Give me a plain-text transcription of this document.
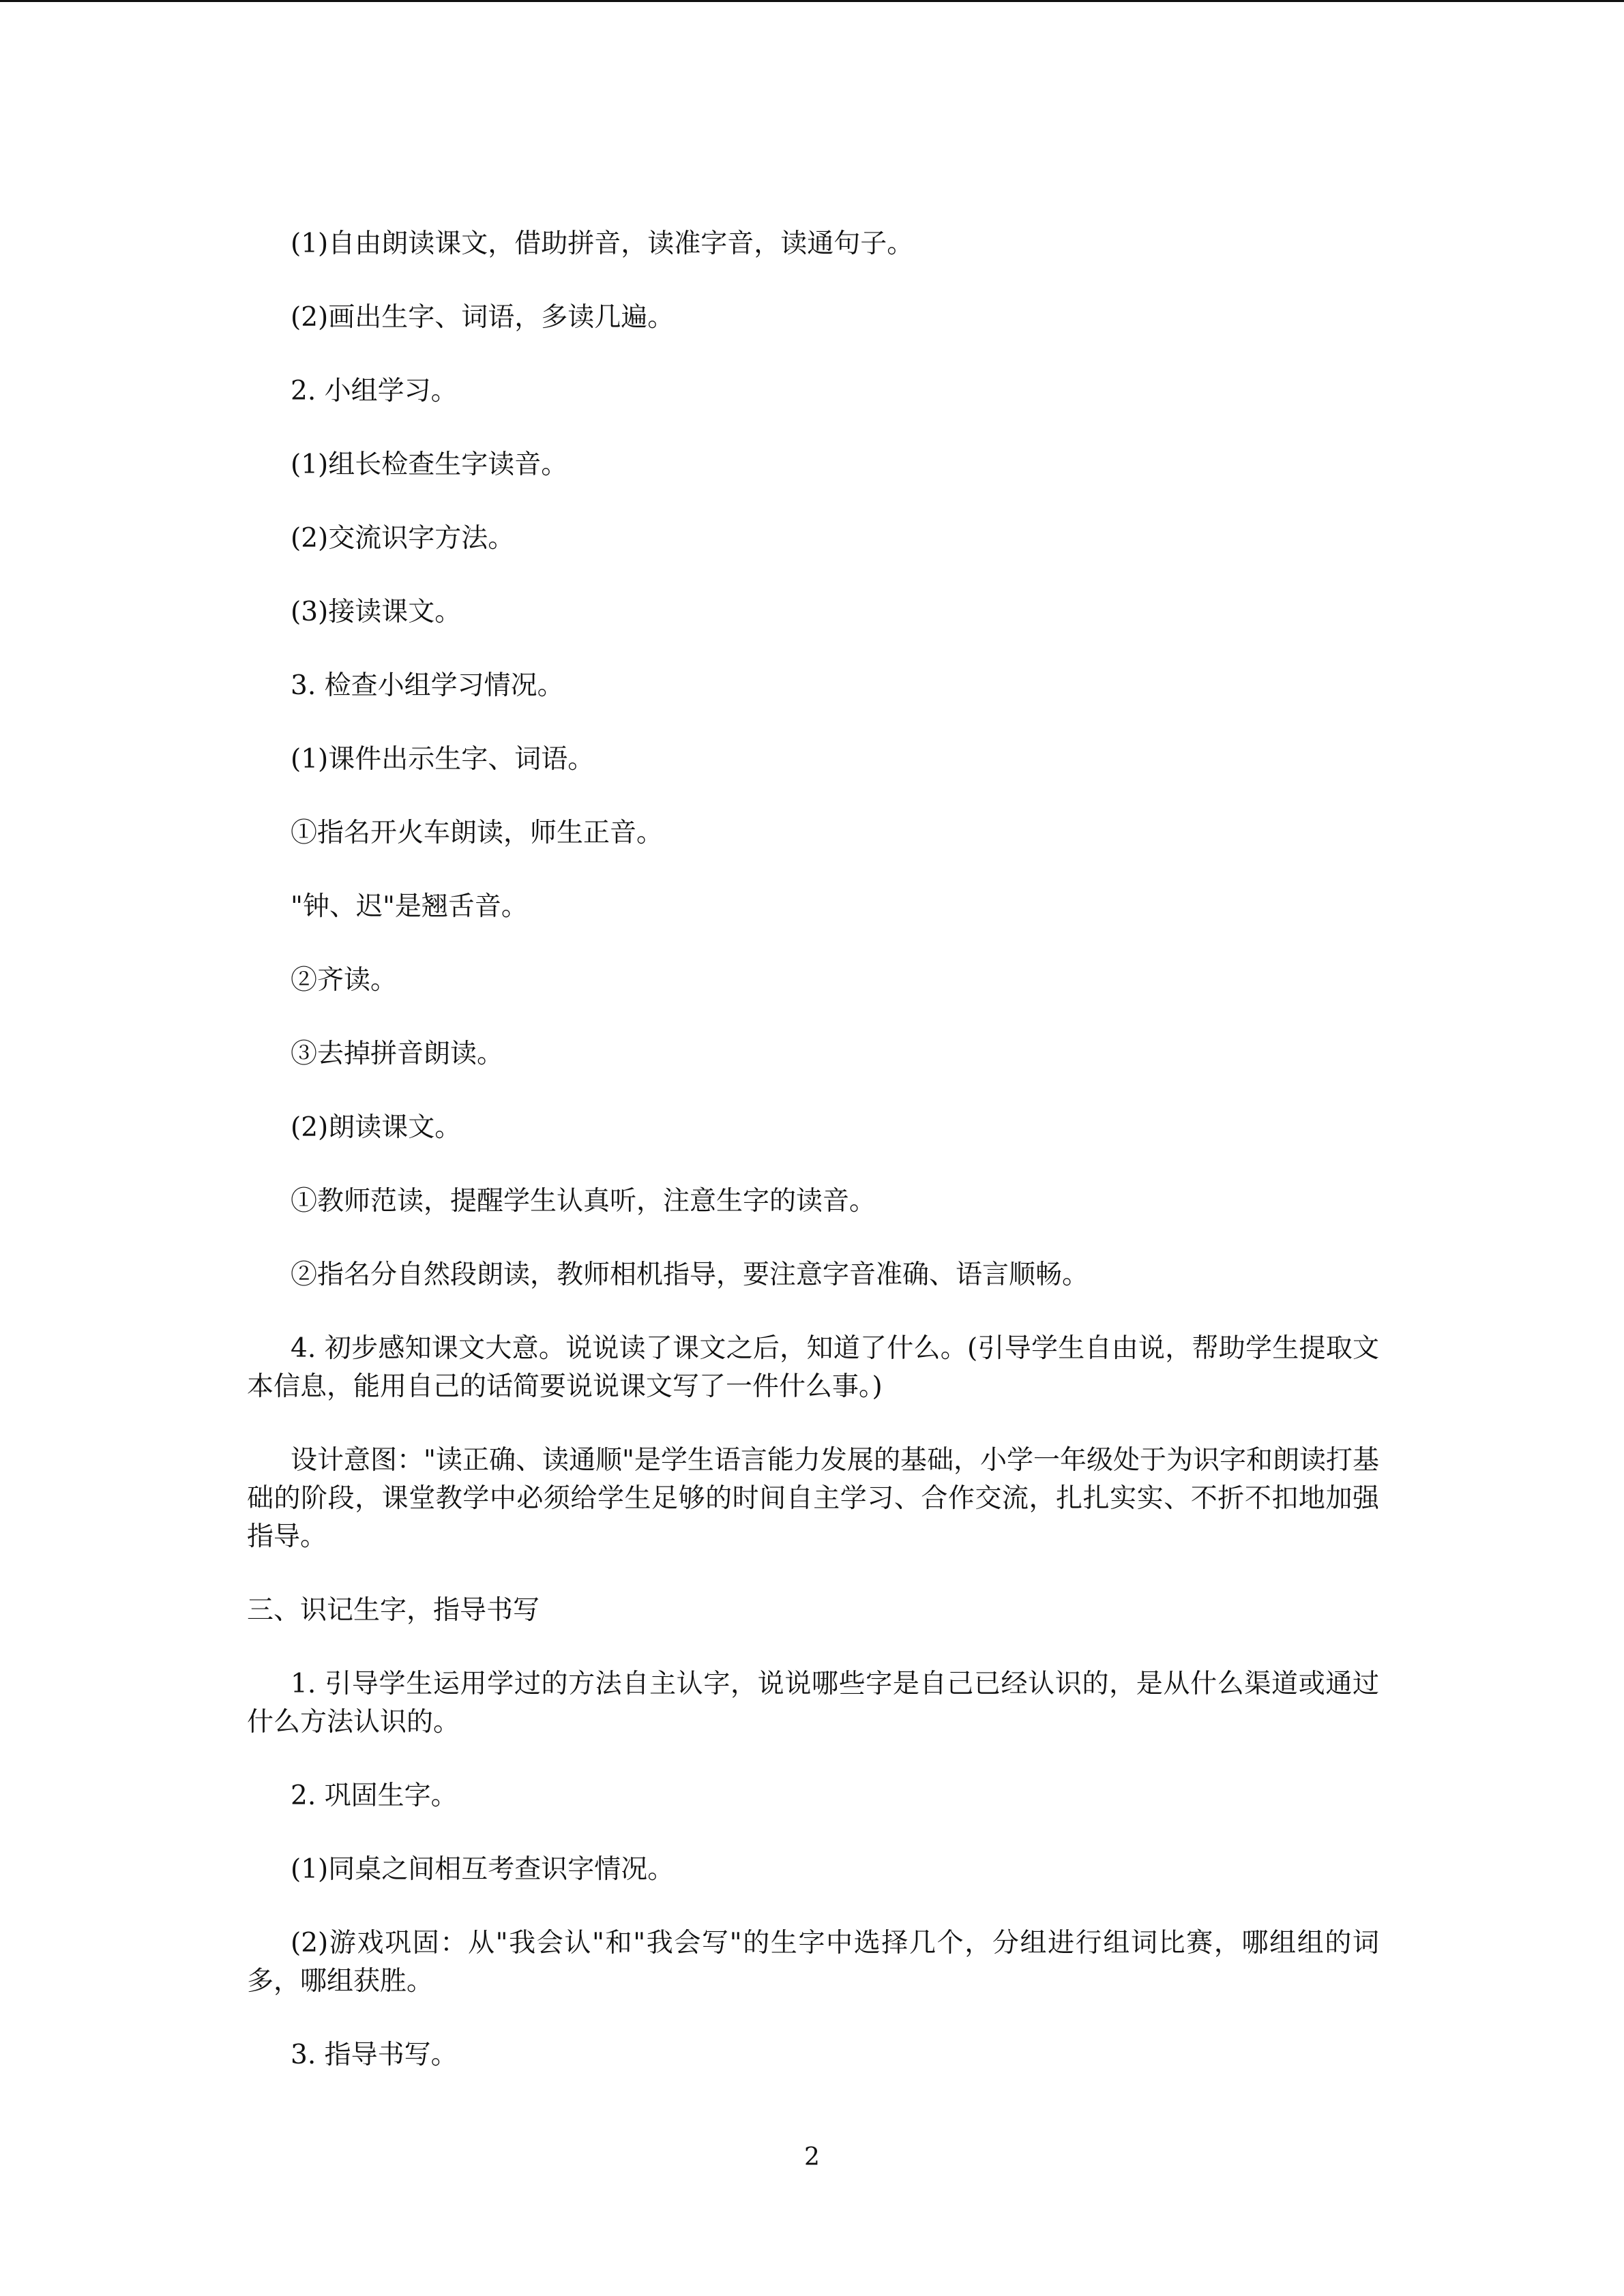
(1)自由朗读课文，借助拼音，读准字音，读通句子。

(2)画出生字、词语，多读几遍。

2. 小组学习。

(1)组长检查生字读音。

(2)交流识字方法。

(3)接读课文。

3. 检查小组学习情况。

(1)课件出示生字、词语。

①指名开火车朗读，师生正音。

"钟、迟"是翘舌音。

②齐读。

③去掉拼音朗读。

(2)朗读课文。

①教师范读，提醒学生认真听，注意生字的读音。

②指名分自然段朗读，教师相机指导，要注意字音准确、语言顺畅。

4. 初步感知课文大意。说说读了课文之后，知道了什么。(引导学生自由说，帮助学生提取文本信息，能用自己的话简要说说课文写了一件什么事。)

设计意图："读正确、读通顺"是学生语言能力发展的基础，小学一年级处于为识字和朗读打基础的阶段，课堂教学中必须给学生足够的时间自主学习、合作交流，扎扎实实、不折不扣地加强指导。

三、识记生字，指导书写

1. 引导学生运用学过的方法自主认字，说说哪些字是自己已经认识的，是从什么渠道或通过什么方法认识的。

2. 巩固生字。

(1)同桌之间相互考查识字情况。

(2)游戏巩固：从"我会认"和"我会写"的生字中选择几个，分组进行组词比赛，哪组组的词多，哪组获胜。

3. 指导书写。

2
